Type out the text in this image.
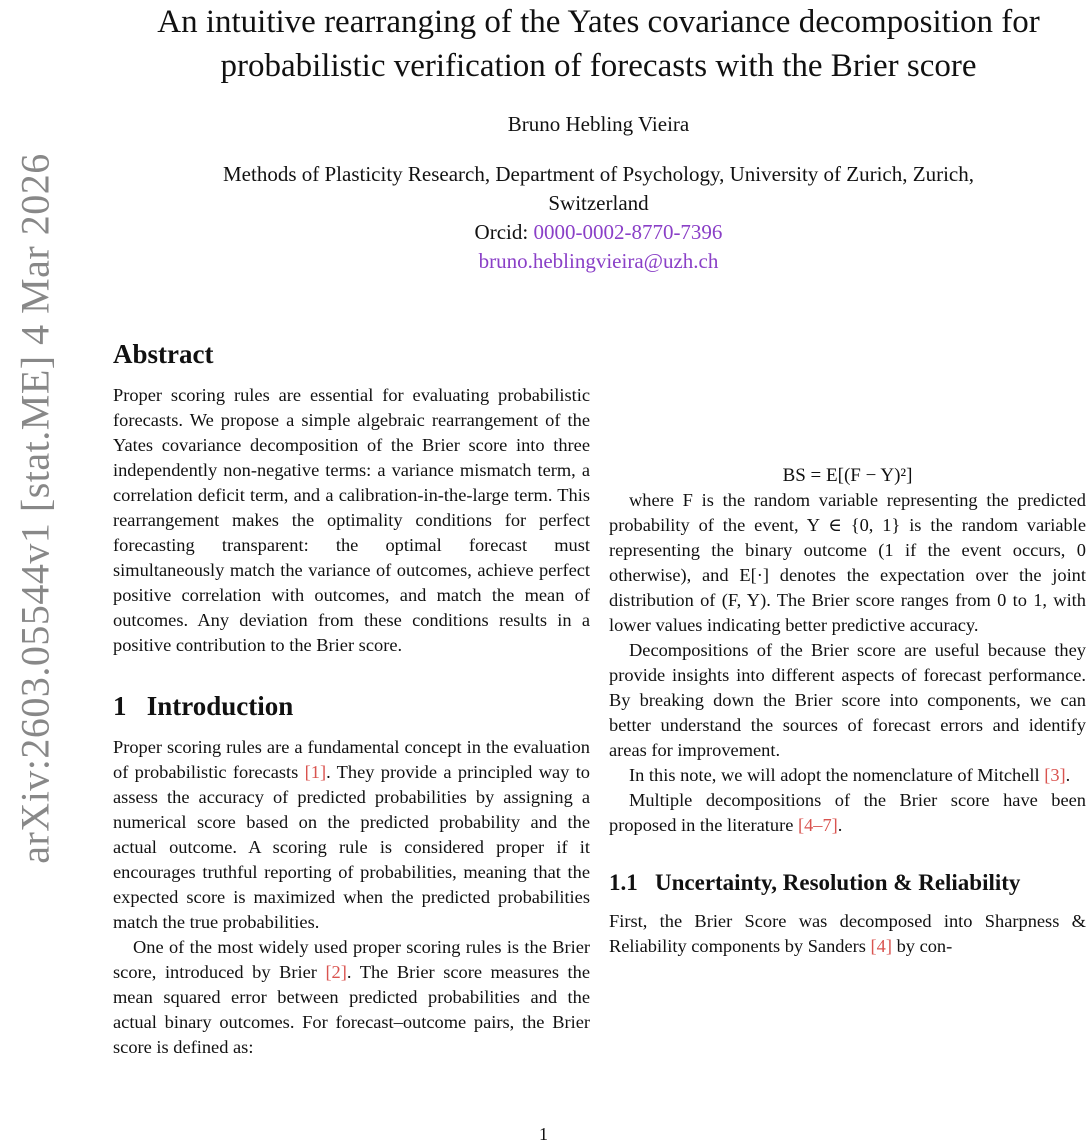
arXiv:2603.05544v1 [stat.ME] 4 Mar 2026
An intuitive rearranging of the Yates covariance decomposition for
probabilistic verification of forecasts with the Brier score
Bruno Hebling Vieira
Methods of Plasticity Research, Department of Psychology, University of Zurich, Zurich,
Switzerland
Orcid: 0000-0002-8770-7396
bruno.heblingvieira@uzh.ch
Abstract

Proper scoring rules are essential for evaluating probabilistic forecasts. We propose a simple algebraic rearrangement of the Yates covariance decomposition of the Brier score into three independently non-negative terms: a variance mismatch term, a correlation deficit term, and a calibration-in-the-large term. This rearrangement makes the optimality conditions for perfect forecasting transparent: the optimal forecast must simultaneously match the variance of outcomes, achieve perfect positive correlation with outcomes, and match the mean of outcomes. Any deviation from these conditions results in a positive contribution to the Brier score.

1 Introduction

Proper scoring rules are a fundamental concept in the evaluation of probabilistic forecasts [1]. They provide a principled way to assess the accuracy of predicted probabilities by assigning a numerical score based on the predicted probability and the actual outcome. A scoring rule is considered proper if it encourages truthful reporting of probabilities, meaning that the expected score is maximized when the predicted probabilities match the true probabilities.

One of the most widely used proper scoring rules is the Brier score, introduced by Brier [2]. The Brier score measures the mean squared error between predicted probabilities and the actual binary outcomes. For forecast–outcome pairs, the Brier score is defined as:

BS = E[(F − Y)²]

where F is the random variable representing the predicted probability of the event, Y ∈ {0, 1} is the random variable representing the binary outcome (1 if the event occurs, 0 otherwise), and E[·] denotes the expectation over the joint distribution of (F, Y). The Brier score ranges from 0 to 1, with lower values indicating better predictive accuracy.

Decompositions of the Brier score are useful because they provide insights into different aspects of forecast performance. By breaking down the Brier score into components, we can better understand the sources of forecast errors and identify areas for improvement.

In this note, we will adopt the nomenclature of Mitchell [3].

Multiple decompositions of the Brier score have been proposed in the literature [4–7].

1.1 Uncertainty, Resolution & Reliability

First, the Brier Score was decomposed into Sharpness & Reliability components by Sanders [4] by con-

1
